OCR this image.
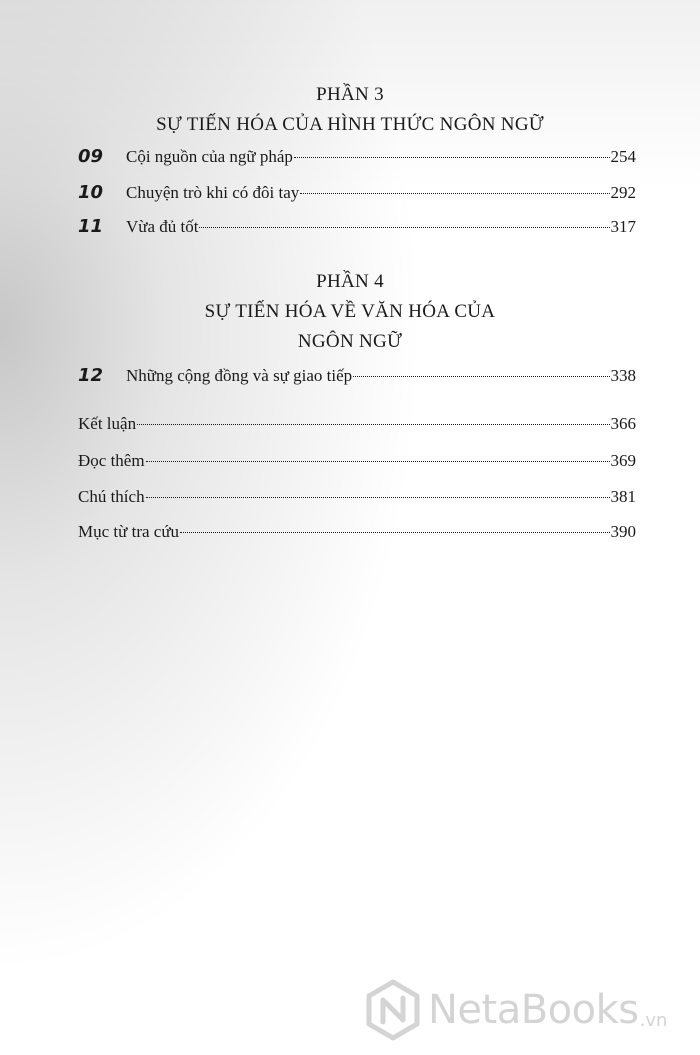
PHẦN 3
SỰ TIẾN HÓA CỦA HÌNH THỨC NGÔN NGỮ
09	Cội nguồn của ngữ pháp	254
10	Chuyện trò khi có đôi tay	292
11	Vừa đủ tốt	317
PHẦN 4
SỰ TIẾN HÓA VỀ VĂN HÓA CỦA
NGÔN NGỮ
12	Những cộng đồng và sự giao tiếp	338
Kết luận	366
Đọc thêm	369
Chú thích	381
Mục từ tra cứu	390
NetaBooks .vn
